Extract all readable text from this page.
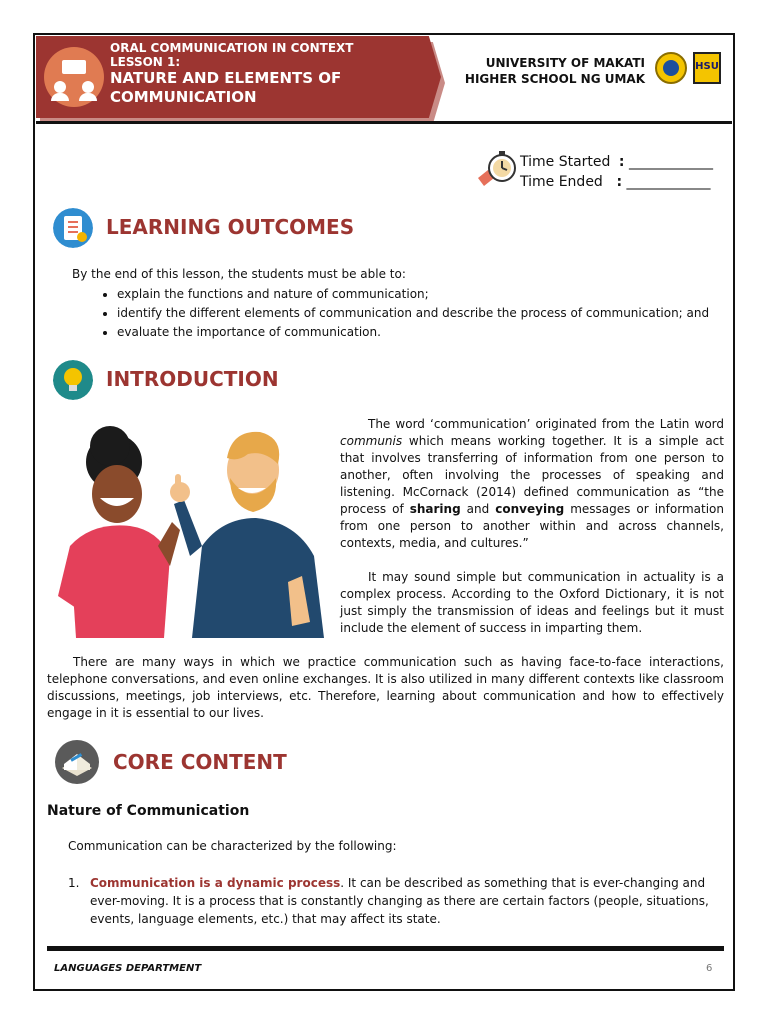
ORAL COMMUNICATION IN CONTEXT
LESSON 1:
NATURE AND ELEMENTS OF
COMMUNICATION
UNIVERSITY OF MAKATI
HIGHER SCHOOL NG UMAK
HSU
Time Started : ____________
Time Ended : ____________
LEARNING OUTCOMES
By the end of this lesson, the students must be able to:
• explain the functions and nature of communication;
• identify the different elements of communication and describe the process of communication; and
• evaluate the importance of communication.
INTRODUCTION

The word ‘communication’ originated from the Latin word communis which means working together. It is a simple act that involves transferring of information from one person to another, often involving the processes of speaking and listening. McCornack (2014) defined communication as “the process of sharing and conveying messages or information from one person to another within and across channels, contexts, media, and cultures.”

It may sound simple but communication in actuality is a complex process. According to the Oxford Dictionary, it is not just simply the transmission of ideas and feelings but it must include the element of success in imparting them.

There are many ways in which we practice communication such as having face-to-face interactions, telephone conversations, and even online exchanges. It is also utilized in many different contexts like classroom discussions, meetings, job interviews, etc. Therefore, learning about communication and how to effectively engage in it is essential to our lives.
CORE CONTENT
Nature of Communication
Communication can be characterized by the following:
1. Communication is a dynamic process. It can be described as something that is ever-changing and ever-moving. It is a process that is constantly changing as there are certain factors (people, situations, events, language elements, etc.) that may affect its state.
LANGUAGES DEPARTMENT	6
